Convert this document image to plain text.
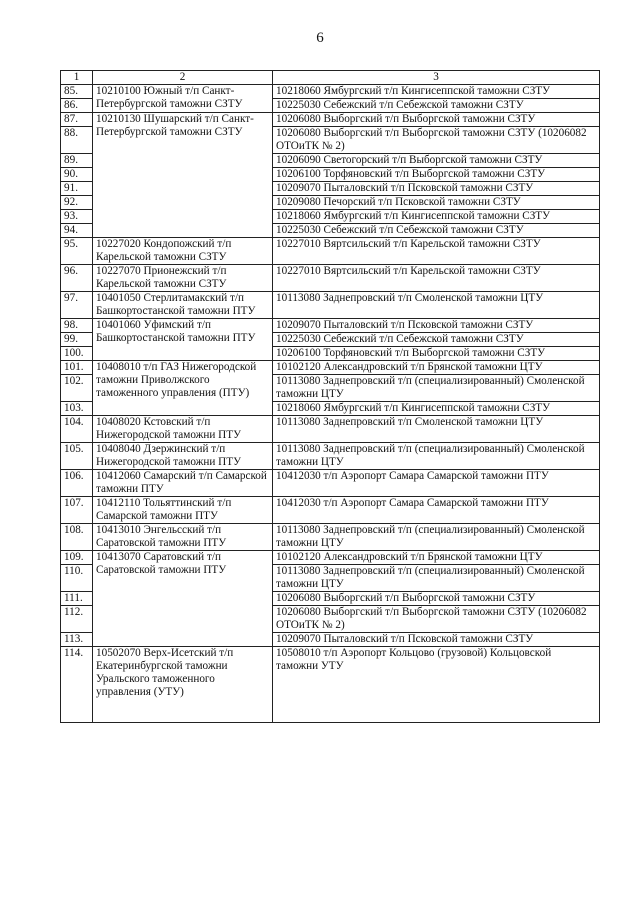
6
1	2	3
85.	10210100 Южный т/п Санкт-Петербургской таможни СЗТУ	10218060 Ямбургский т/п Кингисеппской таможни СЗТУ
86.		10225030 Себежский т/п Себежской таможни СЗТУ
87.	10210130 Шушарский т/п Санкт-Петербургской таможни СЗТУ	10206080 Выборгский т/п Выборгской таможни СЗТУ
88.		10206080 Выборгский т/п Выборгской таможни СЗТУ (10206082 ОТОиТК № 2)
89.		10206090 Светогорский т/п Выборгской таможни СЗТУ
90.		10206100 Торфяновский т/п Выборгской таможни СЗТУ
91.		10209070 Пыталовский т/п Псковской таможни СЗТУ
92.		10209080 Печорский т/п Псковской таможни СЗТУ
93.		10218060 Ямбургский т/п Кингисеппской таможни СЗТУ
94.		10225030 Себежский т/п Себежской таможни СЗТУ
95.	10227020 Кондопожский т/п Карельской таможни СЗТУ	10227010 Вяртсильский т/п Карельской таможни СЗТУ
96.	10227070 Прионежский т/п Карельской таможни СЗТУ	10227010 Вяртсильский т/п Карельской таможни СЗТУ
97.	10401050 Стерлитамакский т/п Башкортостанской таможни ПТУ	10113080 Заднепровский т/п Смоленской таможни ЦТУ
98.	10401060 Уфимский т/п Башкортостанской таможни ПТУ	10209070 Пыталовский т/п Псковской таможни СЗТУ
99.		10225030 Себежский т/п Себежской таможни СЗТУ
100.		10206100 Торфяновский т/п Выборгской таможни СЗТУ
101.	10408010 т/п ГАЗ Нижегородской таможни Приволжского таможенного управления (ПТУ)	10102120 Александровский т/п Брянской таможни ЦТУ
102.		10113080 Заднепровский т/п (специализированный) Смоленской таможни ЦТУ
103.		10218060 Ямбургский т/п Кингисеппской таможни СЗТУ
104.	10408020 Кстовский т/п Нижегородской таможни ПТУ	10113080 Заднепровский т/п Смоленской таможни ЦТУ
105.	10408040 Дзержинский т/п Нижегородской таможни ПТУ	10113080 Заднепровский т/п (специализированный) Смоленской таможни ЦТУ
106.	10412060 Самарский т/п Самарской таможни ПТУ	10412030 т/п Аэропорт Самара Самарской таможни ПТУ
107.	10412110 Тольяттинский т/п Самарской таможни ПТУ	10412030 т/п Аэропорт Самара Самарской таможни ПТУ
108.	10413010 Энгельсский т/п Саратовской таможни ПТУ	10113080 Заднепровский т/п (специализированный) Смоленской таможни ЦТУ
109.	10413070 Саратовский т/п Саратовской таможни ПТУ	10102120 Александровский т/п Брянской таможни ЦТУ
110.		10113080 Заднепровский т/п (специализированный) Смоленской таможни ЦТУ
111.		10206080 Выборгский т/п Выборгской таможни СЗТУ
112.		10206080 Выборгский т/п Выборгской таможни СЗТУ (10206082 ОТОиТК № 2)
113.		10209070 Пыталовский т/п Псковской таможни СЗТУ
114.	10502070 Верх-Исетский т/п Екатеринбургской таможни Уральского таможенного управления (УТУ)	10508010 т/п Аэропорт Кольцово (грузовой) Кольцовской таможни УТУ
